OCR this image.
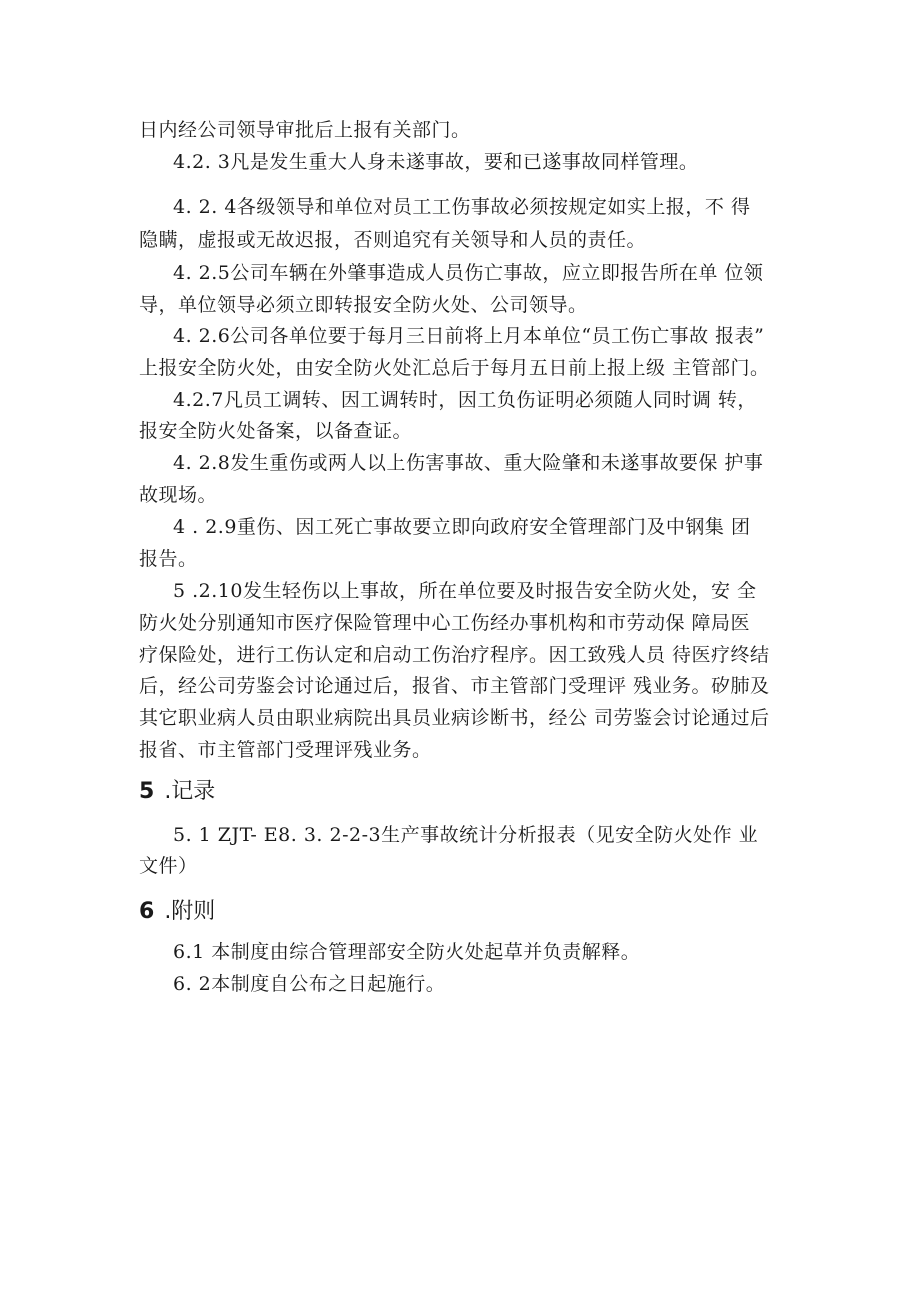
日内经公司领导审批后上报有关部门。
4.2. 3凡是发生重大人身未遂事故，要和已遂事故同样管理。
4. 2. 4各级领导和单位对员工工伤事故必须按规定如实上报，不 得
隐瞒，虚报或无故迟报，否则追究有关领导和人员的责任。
4. 2.5公司车辆在外肇事造成人员伤亡事故，应立即报告所在单 位领
导，单位领导必须立即转报安全防火处、公司领导。
4. 2.6公司各单位要于每月三日前将上月本单位“员工伤亡事故 报表”
上报安全防火处，由安全防火处汇总后于每月五日前上报上级 主管部门。
4.2.7凡员工调转、因工调转时，因工负伤证明必须随人同时调 转，
报安全防火处备案，以备查证。
4. 2.8发生重伤或两人以上伤害事故、重大险肇和未遂事故要保 护事
故现场。
4 . 2.9重伤、因工死亡事故要立即向政府安全管理部门及中钢集 团
报告。
5 .2.10发生轻伤以上事故，所在单位要及时报告安全防火处，安 全
防火处分别通知市医疗保险管理中心工伤经办事机构和市劳动保 障局医
疗保险处，进行工伤认定和启动工伤治疗程序。因工致残人员 待医疗终结
后，经公司劳鉴会讨论通过后，报省、市主管部门受理评 残业务。矽肺及
其它职业病人员由职业病院出具员业病诊断书，经公 司劳鉴会讨论通过后
报省、市主管部门受理评残业务。
5 .记录
5. 1 ZJT- E8. 3. 2-2-3生产事故统计分析报表（见安全防火处作 业
文件）
6 .附则
6.1 本制度由综合管理部安全防火处起草并负责解释。
6. 2本制度自公布之日起施行。
